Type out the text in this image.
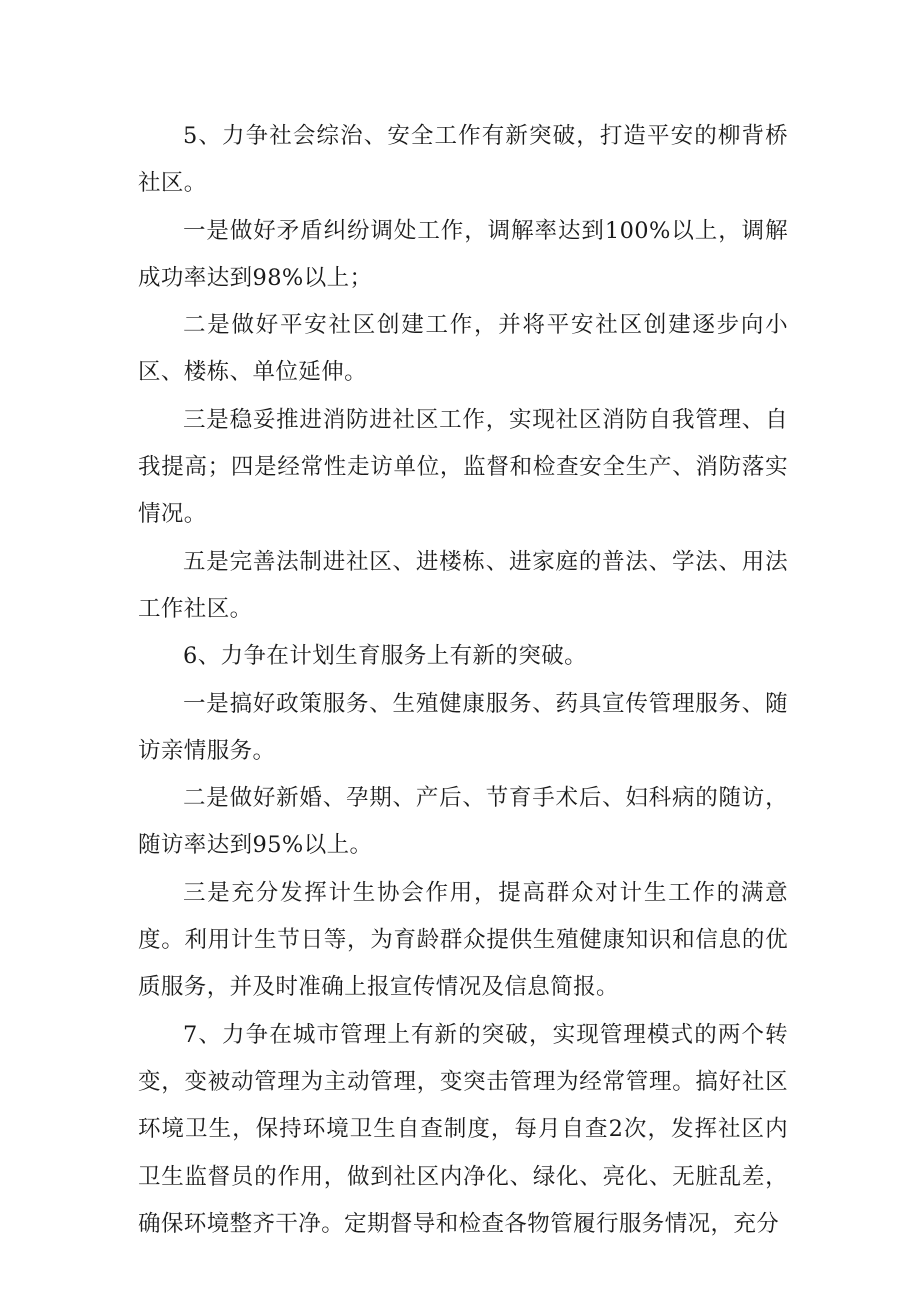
5、力争社会综治、安全工作有新突破，打造平安的柳背桥社区。

一是做好矛盾纠纷调处工作，调解率达到100%以上，调解成功率达到98%以上；

二是做好平安社区创建工作，并将平安社区创建逐步向小区、楼栋、单位延伸。

三是稳妥推进消防进社区工作，实现社区消防自我管理、自我提高；四是经常性走访单位，监督和检查安全生产、消防落实情况。

五是完善法制进社区、进楼栋、进家庭的普法、学法、用法工作社区。

6、力争在计划生育服务上有新的突破。

一是搞好政策服务、生殖健康服务、药具宣传管理服务、随访亲情服务。

二是做好新婚、孕期、产后、节育手术后、妇科病的随访，随访率达到95%以上。

三是充分发挥计生协会作用，提高群众对计生工作的满意度。利用计生节日等，为育龄群众提供生殖健康知识和信息的优质服务，并及时准确上报宣传情况及信息简报。

7、力争在城市管理上有新的突破，实现管理模式的两个转变，变被动管理为主动管理，变突击管理为经常管理。搞好社区环境卫生，保持环境卫生自查制度，每月自查2次，发挥社区内卫生监督员的作用，做到社区内净化、绿化、亮化、无脏乱差，确保环境整齐干净。定期督导和检查各物管履行服务情况，充分
